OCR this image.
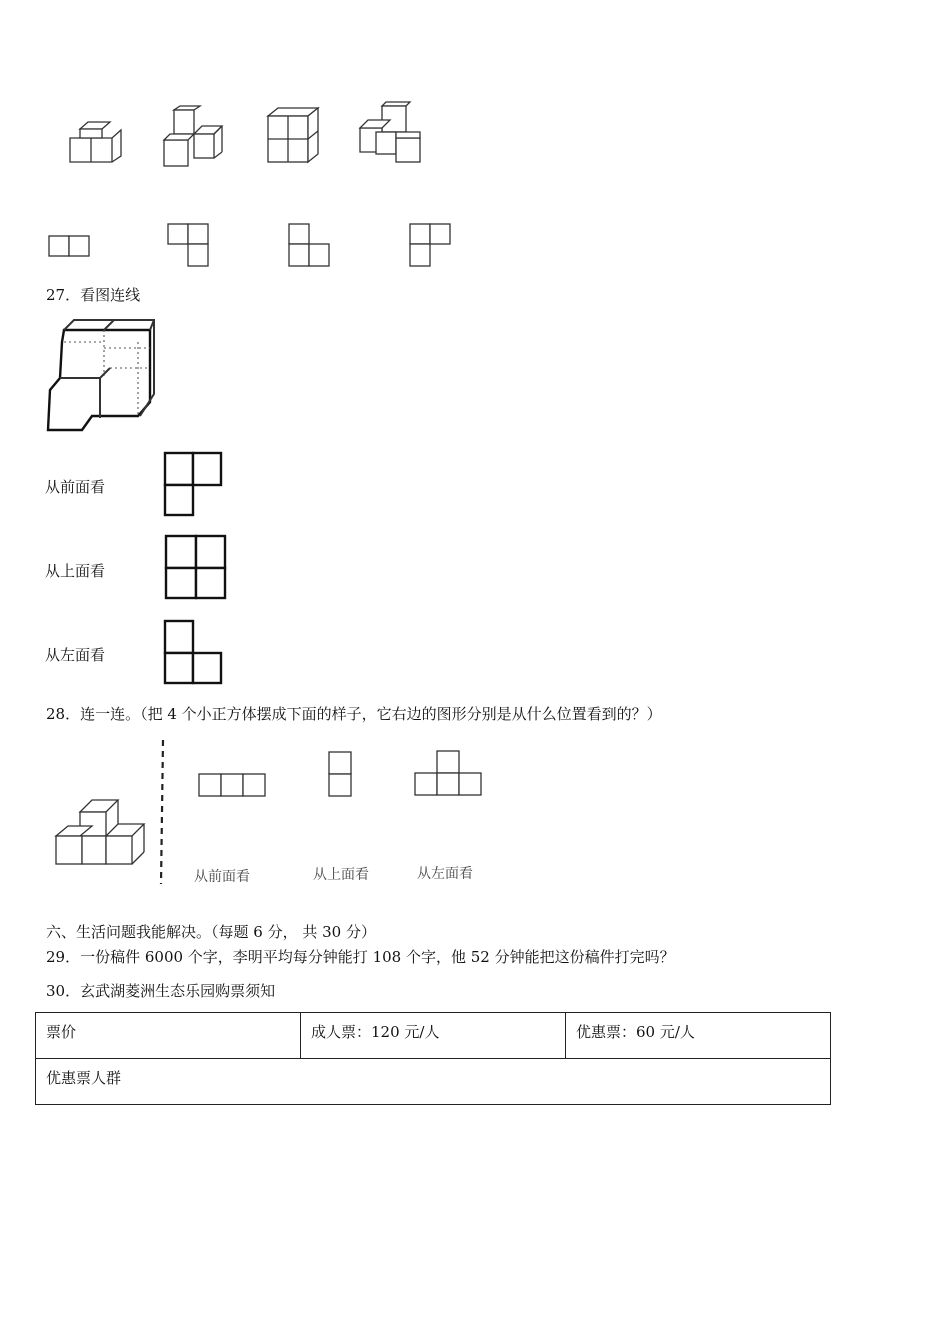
27．看图连线
从前面看
从上面看
从左面看
28．连一连。（把 4 个小正方体摆成下面的样子，它右边的图形分别是从什么位置看到的？）
从前面看	从上面看	从左面看
六、生活问题我能解决。（每题 6 分， 共 30 分）
29．一份稿件 6000 个字，李明平均每分钟能打 108 个字，他 52 分钟能把这份稿件打完吗？
30．玄武湖菱洲生态乐园购票须知
票价	成人票：120 元/人	优惠票：60 元/人
优惠票人群
